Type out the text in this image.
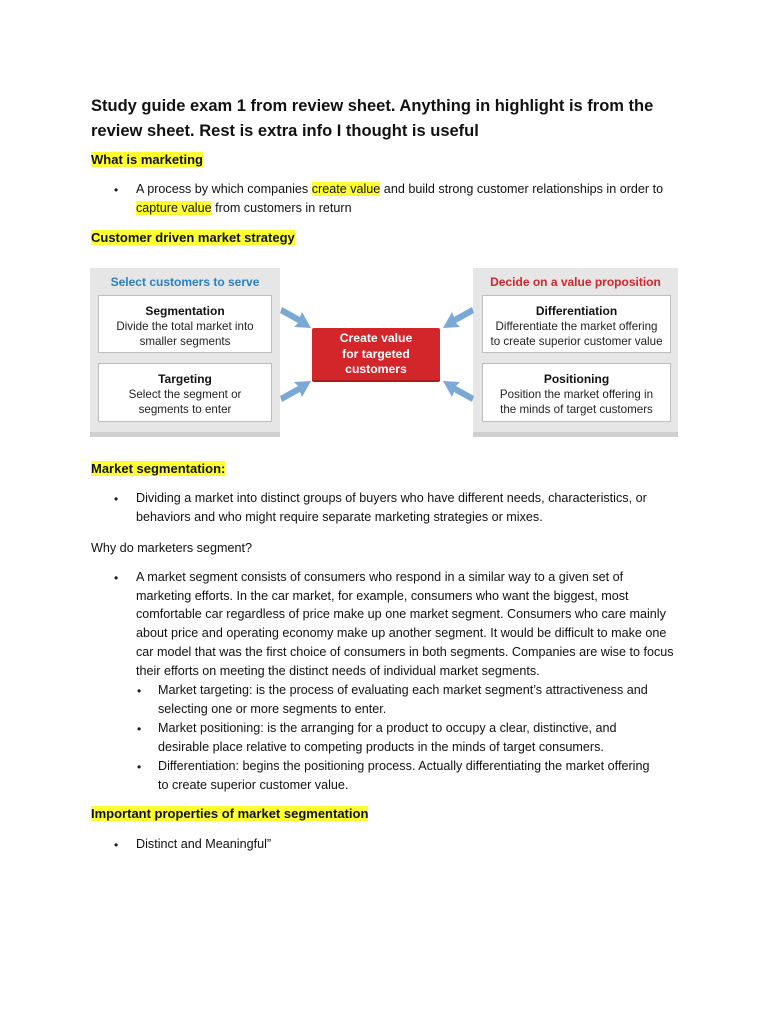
Study guide exam 1 from review sheet. Anything in highlight is from the review sheet. Rest is extra info I thought is useful
What is marketing
• A process by which companies create value and build strong customer relationships in order to
capture value from customers in return
Customer driven market strategy
Select customers to serve
Segmentation
Divide the total market into
smaller segments
Targeting
Select the segment or
segments to enter
Decide on a value proposition
Differentiation
Differentiate the market offering
to create superior customer value
Positioning
Position the market offering in
the minds of target customers
Create value
for targeted
customers
Market segmentation:
• Dividing a market into distinct groups of buyers who have different needs, characteristics, or
behaviors and who might require separate marketing strategies or mixes.
Why do marketers segment?
• A market segment consists of consumers who respond in a similar way to a given set of
marketing efforts. In the car market, for example, consumers who want the biggest, most
comfortable car regardless of price make up one market segment. Consumers who care mainly
about price and operating economy make up another segment. It would be difficult to make one
car model that was the first choice of consumers in both segments. Companies are wise to focus
their efforts on meeting the distinct needs of individual market segments.
• Market targeting: is the process of evaluating each market segment’s attractiveness and
selecting one or more segments to enter.
• Market positioning: is the arranging for a product to occupy a clear, distinctive, and
desirable place relative to competing products in the minds of target consumers.
• Differentiation: begins the positioning process. Actually differentiating the market offering
to create superior customer value.
Important properties of market segmentation
• Distinct and Meaningful”
